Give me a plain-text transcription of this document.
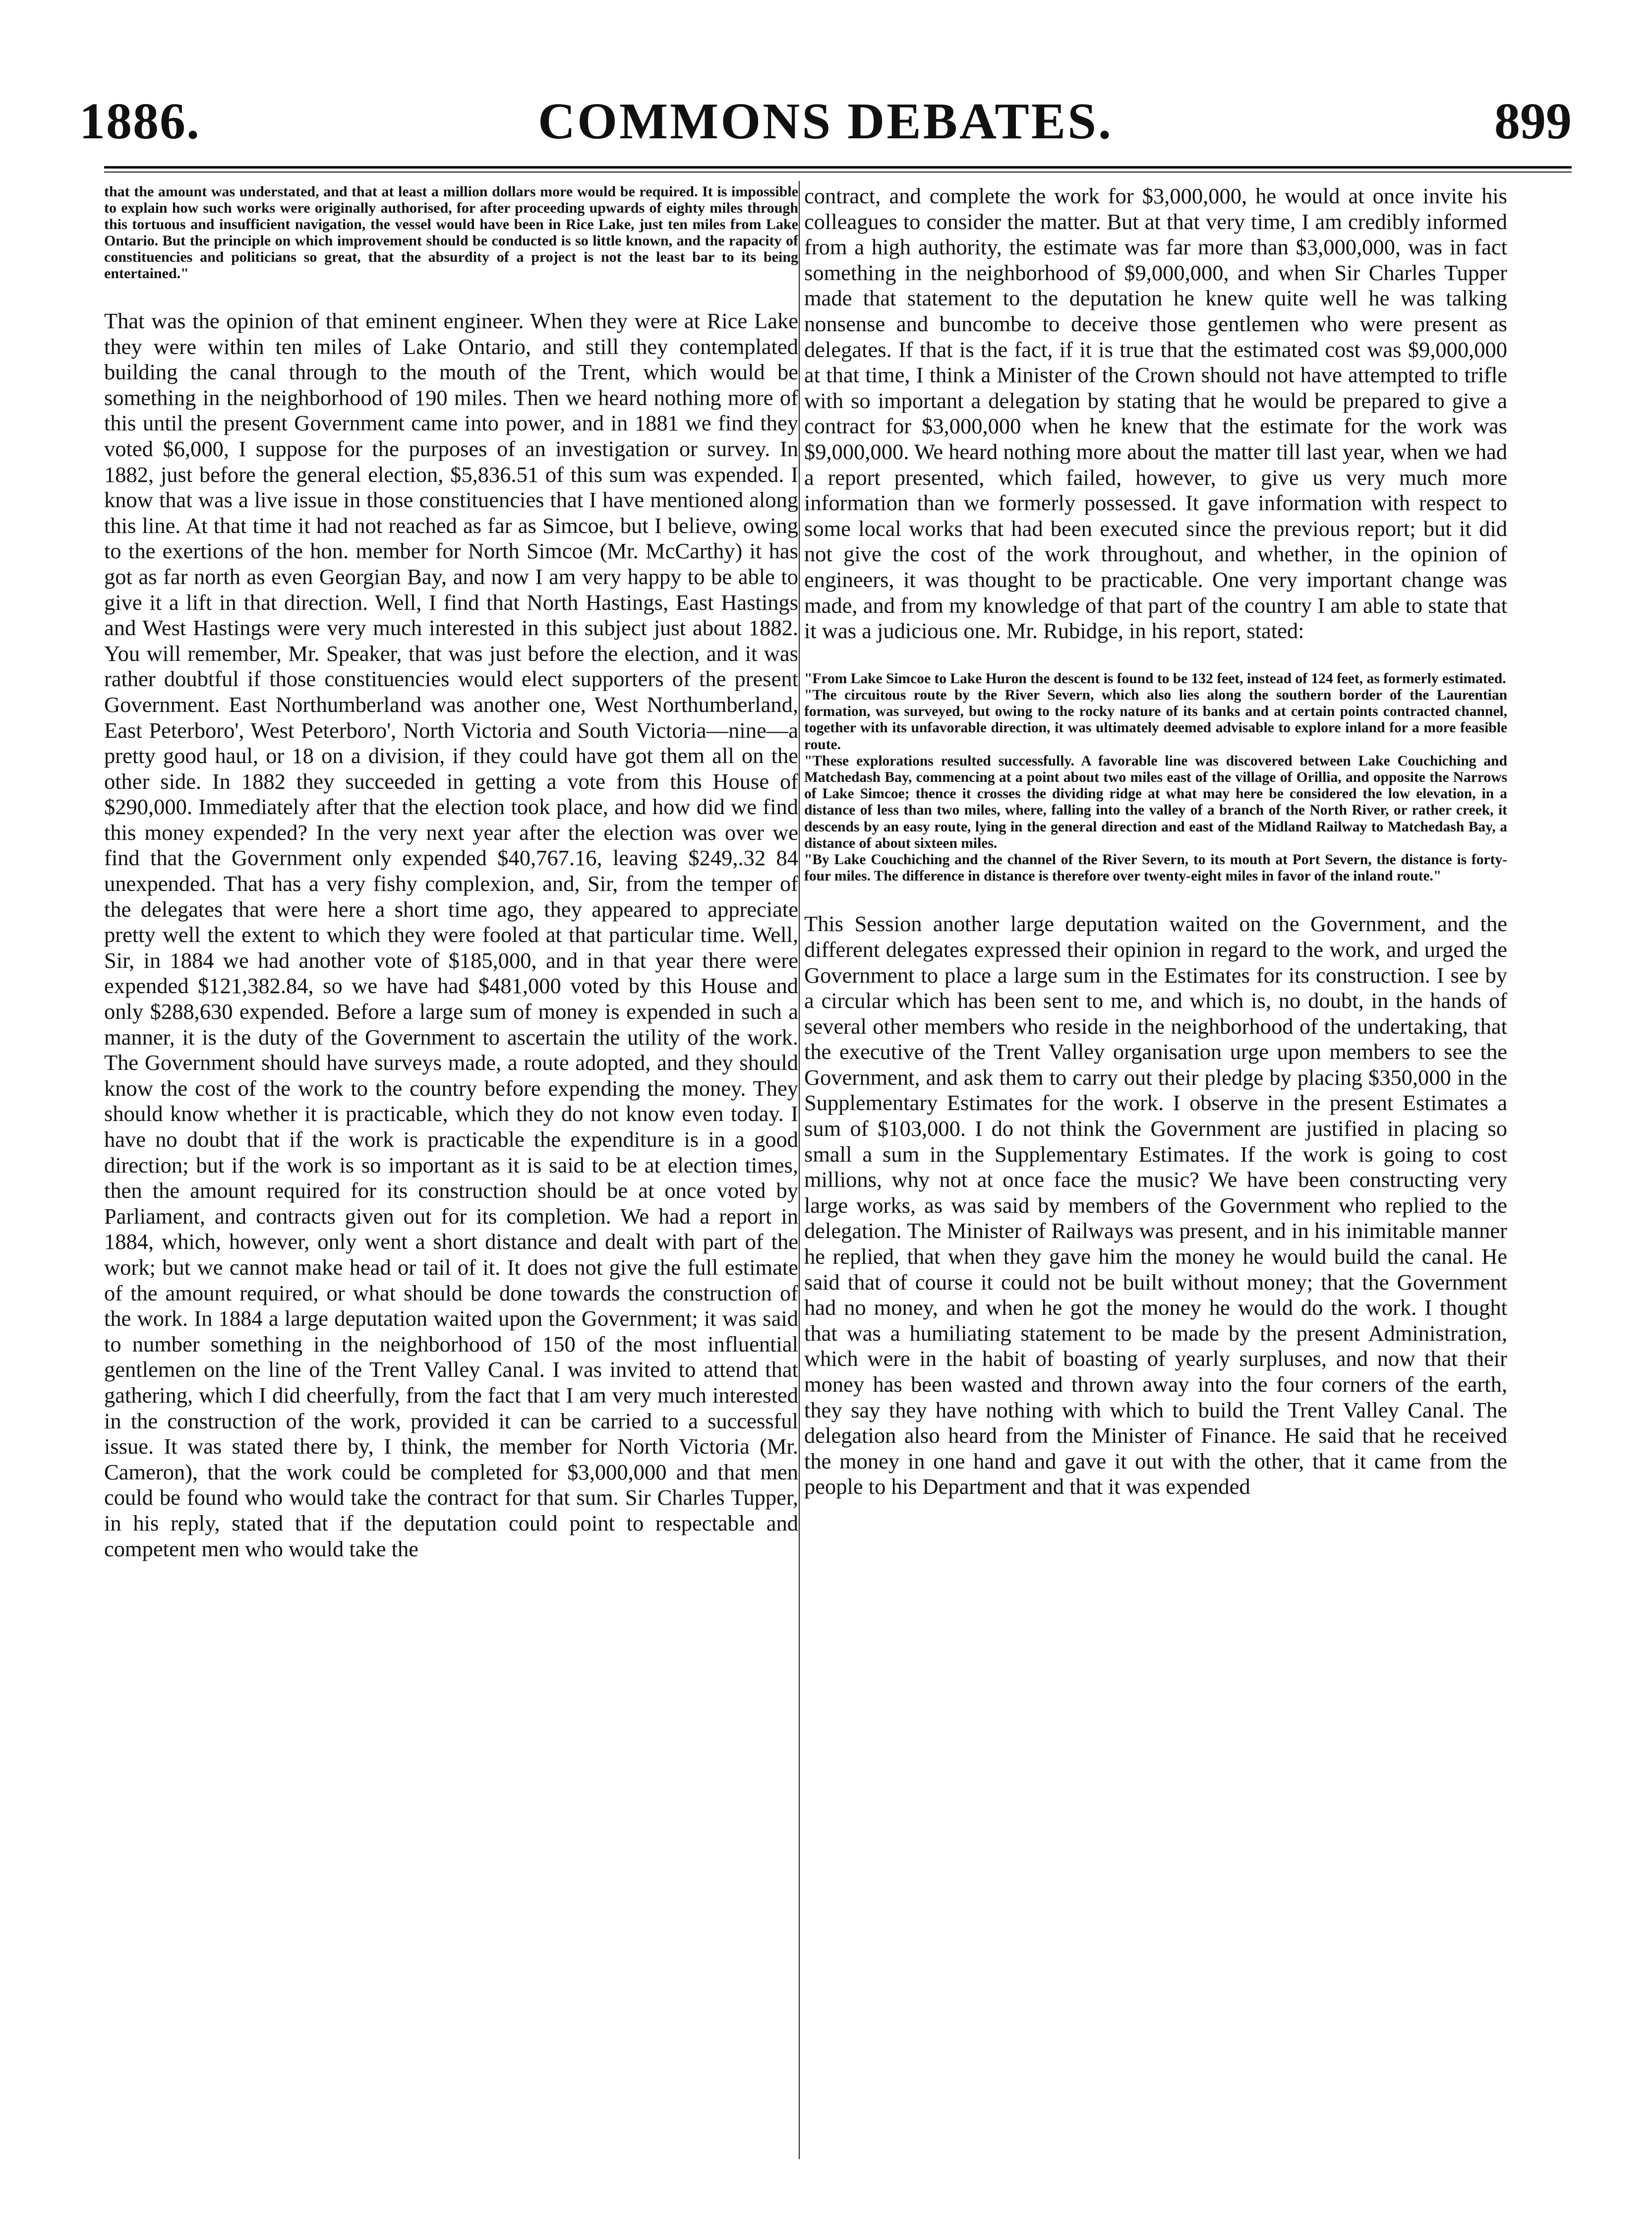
1886.	COMMONS DEBATES.	899

that the amount was understated, and that at least a million dollars more would be required. It is impossible to explain how such works were originally authorised, for after proceeding upwards of eighty miles through this tortuous and insufficient navigation, the vessel would have been in Rice Lake, just ten miles from Lake Ontario. But the principle on which improvement should be conducted is so little known, and the rapacity of constituencies and politicians so great, that the absurdity of a project is not the least bar to its being entertained."

That was the opinion of that eminent engineer. When they were at Rice Lake they were within ten miles of Lake Ontario, and still they contemplated building the canal through to the mouth of the Trent, which would be something in the neighborhood of 190 miles. Then we heard nothing more of this until the present Government came into power, and in 1881 we find they voted $6,000, I suppose for the purposes of an investigation or survey. In 1882, just before the general election, $5,836.51 of this sum was expended. I know that was a live issue in those constituencies that I have mentioned along this line. At that time it had not reached as far as Simcoe, but I believe, owing to the exertions of the hon. member for North Simcoe (Mr. McCarthy) it has got as far north as even Georgian Bay, and now I am very happy to be able to give it a lift in that direction. Well, I find that North Hastings, East Hastings and West Hastings were very much interested in this subject just about 1882. You will remember, Mr. Speaker, that was just before the election, and it was rather doubtful if those constituencies would elect supporters of the present Government. East Northumberland was another one, West Northumberland, East Peterboro', West Peterboro', North Victoria and South Victoria—nine—a pretty good haul, or 18 on a division, if they could have got them all on the other side. In 1882 they succeeded in getting a vote from this House of $290,000. Immediately after that the election took place, and how did we find this money expended? In the very next year after the election was over we find that the Government only expended $40,767.16, leaving $249,.32 84 unexpended. That has a very fishy complexion, and, Sir, from the temper of the delegates that were here a short time ago, they appeared to appreciate pretty well the extent to which they were fooled at that particular time. Well, Sir, in 1884 we had another vote of $185,000, and in that year there were expended $121,382.84, so we have had $481,000 voted by this House and only $288,630 expended. Before a large sum of money is expended in such a manner, it is the duty of the Government to ascertain the utility of the work. The Government should have surveys made, a route adopted, and they should know the cost of the work to the country before expending the money. They should know whether it is practicable, which they do not know even today. I have no doubt that if the work is practicable the expenditure is in a good direction; but if the work is so important as it is said to be at election times, then the amount required for its construction should be at once voted by Parliament, and contracts given out for its completion. We had a report in 1884, which, however, only went a short distance and dealt with part of the work; but we cannot make head or tail of it. It does not give the full estimate of the amount required, or what should be done towards the construction of the work. In 1884 a large deputation waited upon the Government; it was said to number something in the neighborhood of 150 of the most influential gentlemen on the line of the Trent Valley Canal. I was invited to attend that gathering, which I did cheerfully, from the fact that I am very much interested in the construction of the work, provided it can be carried to a successful issue. It was stated there by, I think, the member for North Victoria (Mr. Cameron), that the work could be completed for $3,000,000 and that men could be found who would take the contract for that sum. Sir Charles Tupper, in his reply, stated that if the deputation could point to respectable and competent men who would take the

contract, and complete the work for $3,000,000, he would at once invite his colleagues to consider the matter. But at that very time, I am credibly informed from a high authority, the estimate was far more than $3,000,000, was in fact something in the neighborhood of $9,000,000, and when Sir Charles Tupper made that statement to the deputation he knew quite well he was talking nonsense and buncombe to deceive those gentlemen who were present as delegates. If that is the fact, if it is true that the estimated cost was $9,000,000 at that time, I think a Minister of the Crown should not have attempted to trifle with so important a delegation by stating that he would be prepared to give a contract for $3,000,000 when he knew that the estimate for the work was $9,000,000. We heard nothing more about the matter till last year, when we had a report presented, which failed, however, to give us very much more information than we formerly possessed. It gave information with respect to some local works that had been executed since the previous report; but it did not give the cost of the work throughout, and whether, in the opinion of engineers, it was thought to be practicable. One very important change was made, and from my knowledge of that part of the country I am able to state that it was a judicious one. Mr. Rubidge, in his report, stated:

"From Lake Simcoe to Lake Huron the descent is found to be 132 feet, instead of 124 feet, as formerly estimated.

"The circuitous route by the River Severn, which also lies along the southern border of the Laurentian formation, was surveyed, but owing to the rocky nature of its banks and at certain points contracted channel, together with its unfavorable direction, it was ultimately deemed advisable to explore inland for a more feasible route.

"These explorations resulted successfully. A favorable line was discovered between Lake Couchiching and Matchedash Bay, commencing at a point about two miles east of the village of Orillia, and opposite the Narrows of Lake Simcoe; thence it crosses the dividing ridge at what may here be considered the low elevation, in a distance of less than two miles, where, falling into the valley of a branch of the North River, or rather creek, it descends by an easy route, lying in the general direction and east of the Midland Railway to Matchedash Bay, a distance of about sixteen miles.

"By Lake Couchiching and the channel of the River Severn, to its mouth at Port Severn, the distance is forty-four miles. The difference in distance is therefore over twenty-eight miles in favor of the inland route."

This Session another large deputation waited on the Government, and the different delegates expressed their opinion in regard to the work, and urged the Government to place a large sum in the Estimates for its construction. I see by a circular which has been sent to me, and which is, no doubt, in the hands of several other members who reside in the neighborhood of the undertaking, that the executive of the Trent Valley organisation urge upon members to see the Government, and ask them to carry out their pledge by placing $350,000 in the Supplementary Estimates for the work. I observe in the present Estimates a sum of $103,000. I do not think the Government are justified in placing so small a sum in the Supplementary Estimates. If the work is going to cost millions, why not at once face the music? We have been constructing very large works, as was said by members of the Government who replied to the delegation. The Minister of Railways was present, and in his inimitable manner he replied, that when they gave him the money he would build the canal. He said that of course it could not be built without money; that the Government had no money, and when he got the money he would do the work. I thought that was a humiliating statement to be made by the present Administration, which were in the habit of boasting of yearly surpluses, and now that their money has been wasted and thrown away into the four corners of the earth, they say they have nothing with which to build the Trent Valley Canal. The delegation also heard from the Minister of Finance. He said that he received the money in one hand and gave it out with the other, that it came from the people to his Department and that it was expended
